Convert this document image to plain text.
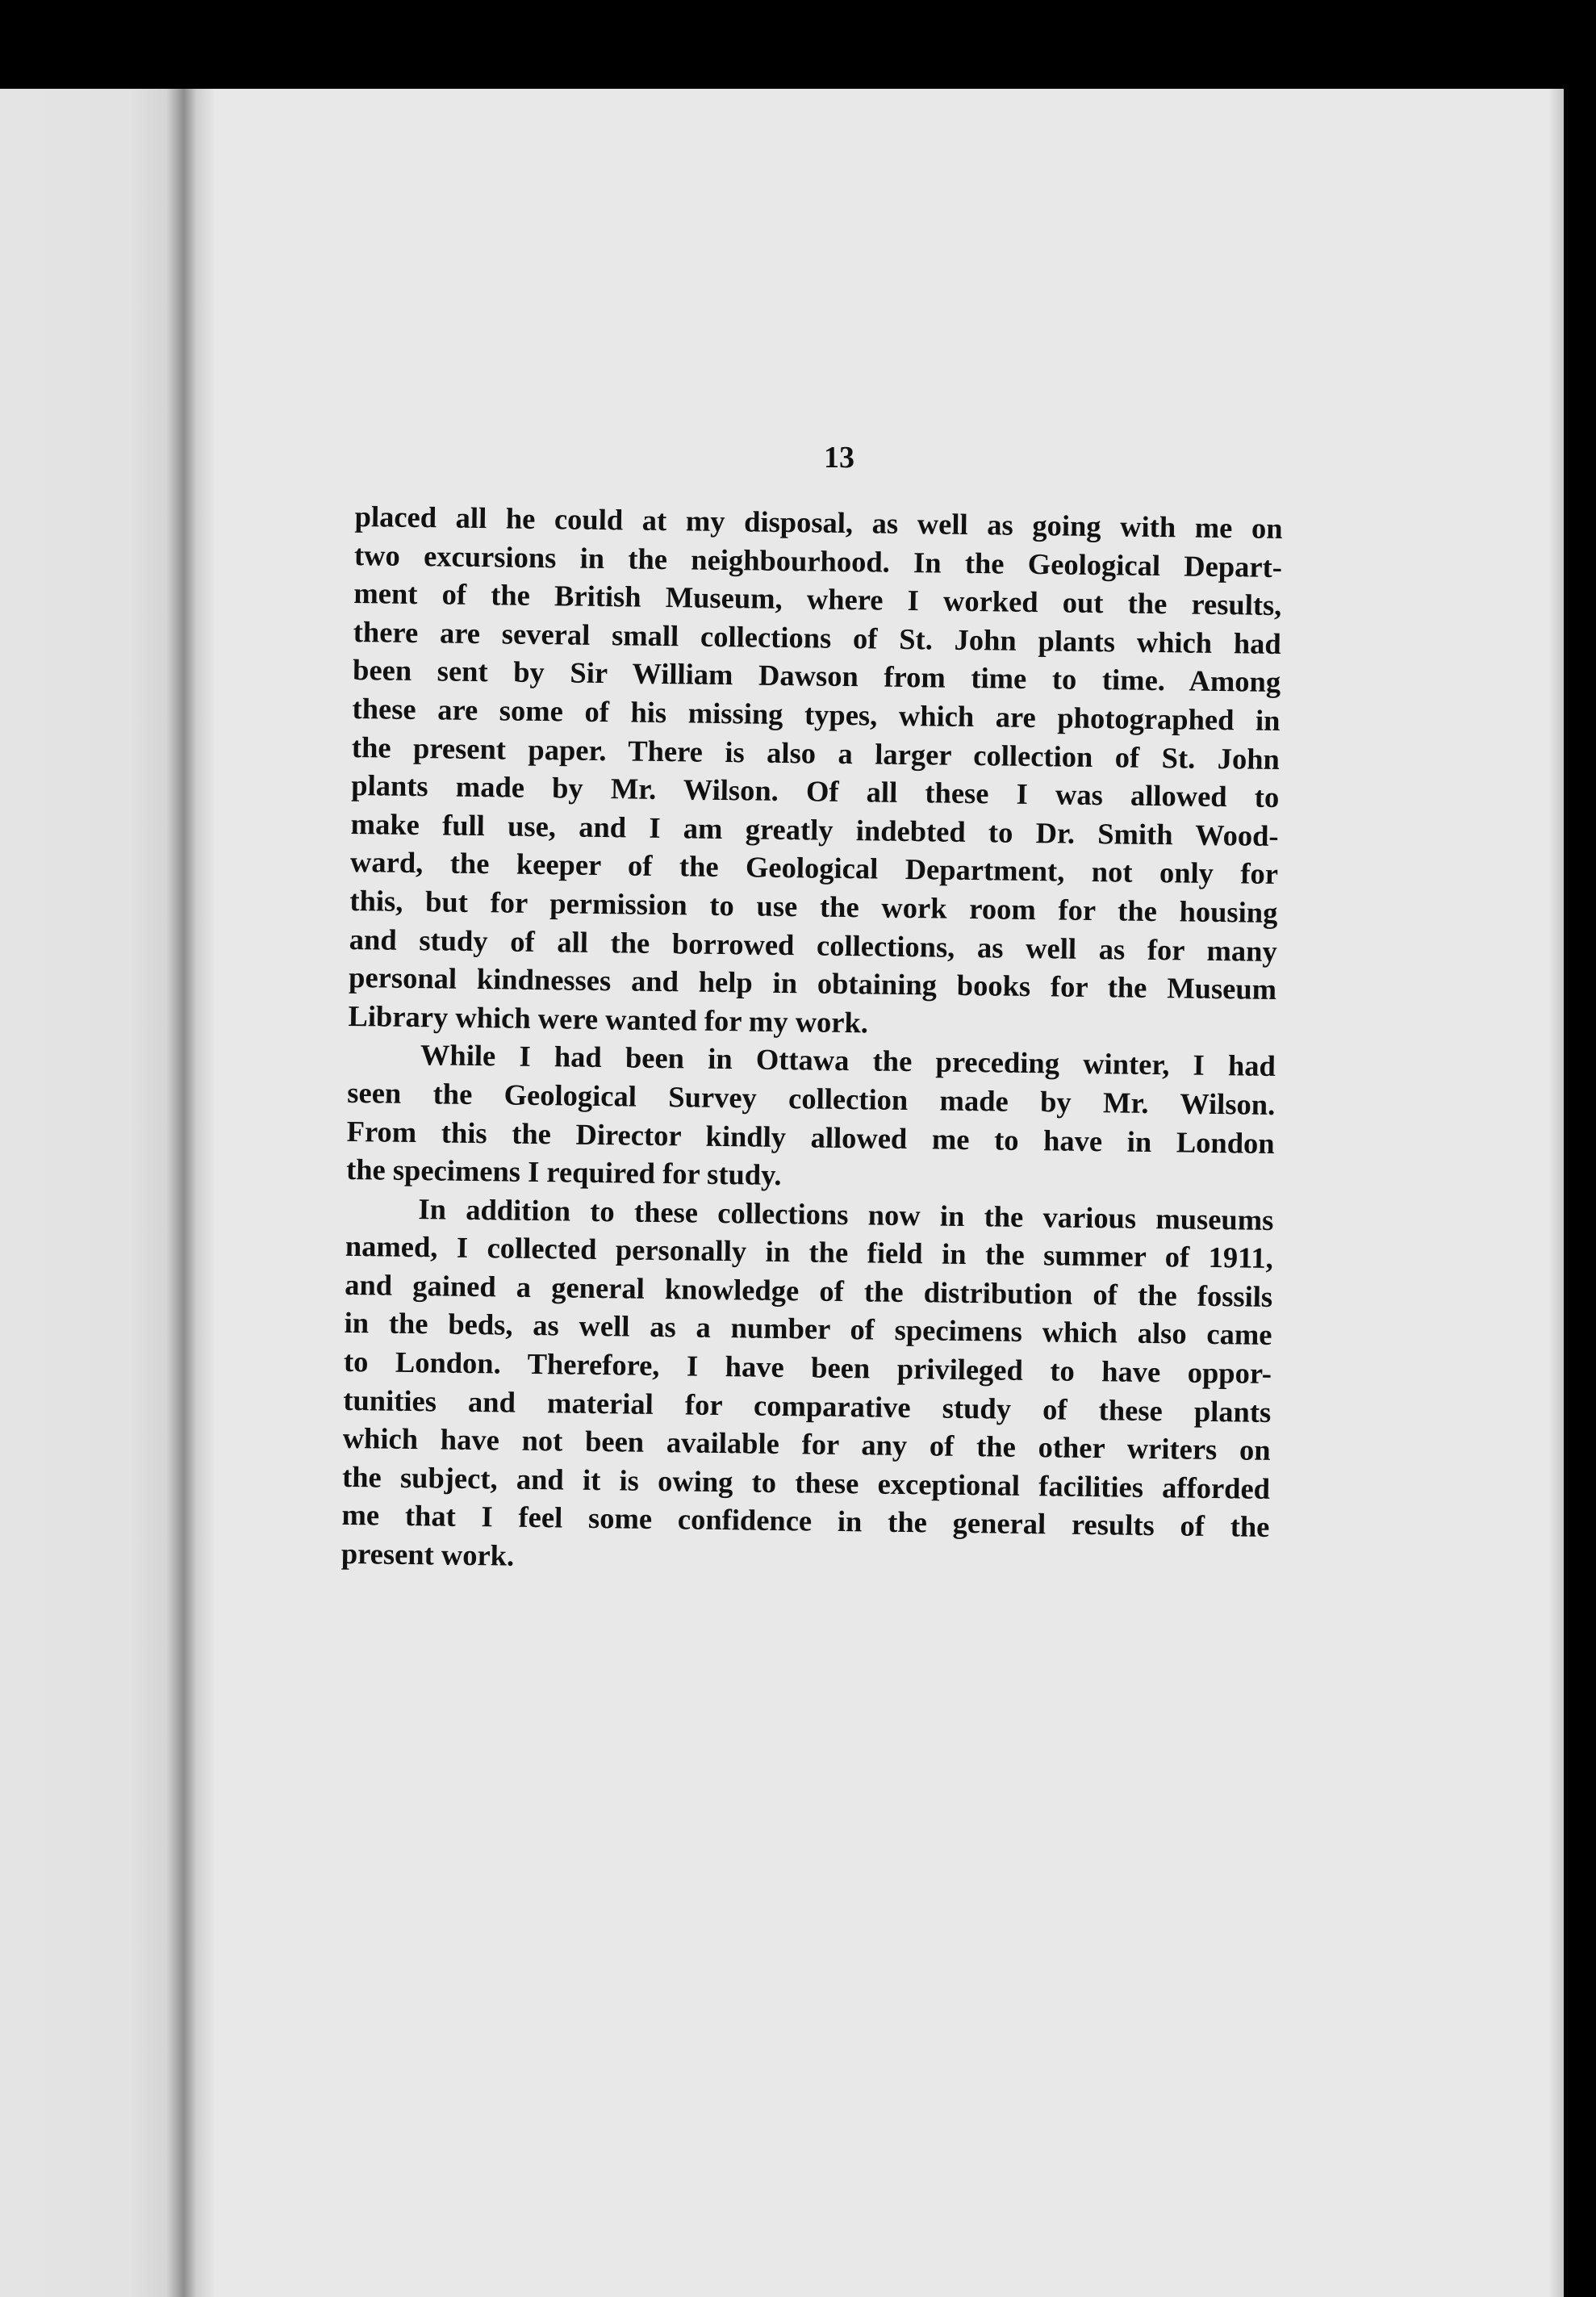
13
placed all he could at my disposal, as well as going with me on
two excursions in the neighbourhood. In the Geological Depart-
ment of the British Museum, where I worked out the results,
there are several small collections of St. John plants which had
been sent by Sir William Dawson from time to time. Among
these are some of his missing types, which are photographed in
the present paper. There is also a larger collection of St. John
plants made by Mr. Wilson. Of all these I was allowed to
make full use, and I am greatly indebted to Dr. Smith Wood-
ward, the keeper of the Geological Department, not only for
this, but for permission to use the work room for the housing
and study of all the borrowed collections, as well as for many
personal kindnesses and help in obtaining books for the Museum
Library which were wanted for my work.
While I had been in Ottawa the preceding winter, I had
seen the Geological Survey collection made by Mr. Wilson.
From this the Director kindly allowed me to have in London
the specimens I required for study.
In addition to these collections now in the various museums
named, I collected personally in the field in the summer of 1911,
and gained a general knowledge of the distribution of the fossils
in the beds, as well as a number of specimens which also came
to London. Therefore, I have been privileged to have oppor-
tunities and material for comparative study of these plants
which have not been available for any of the other writers on
the subject, and it is owing to these exceptional facilities afforded
me that I feel some confidence in the general results of the
present work.
